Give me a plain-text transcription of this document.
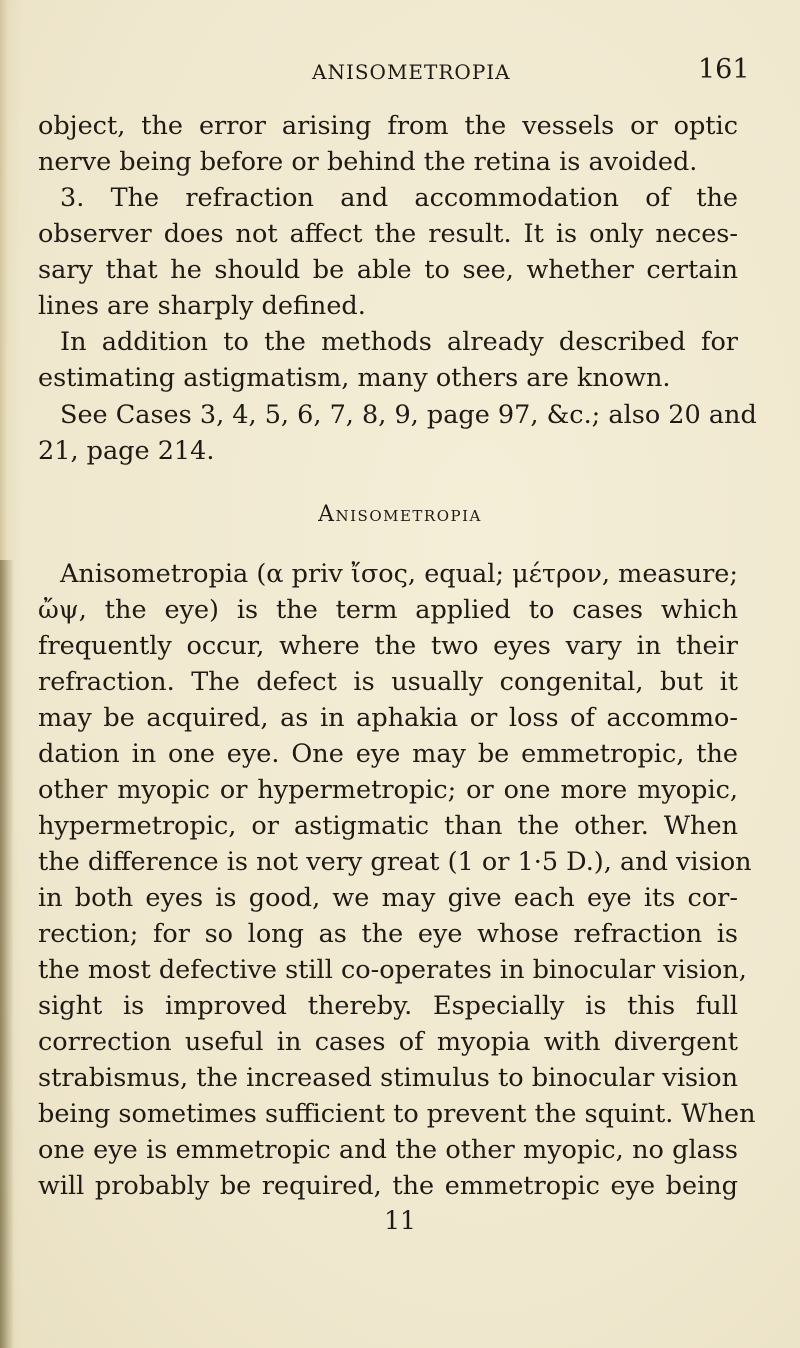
ANISOMETROPIA	161
object, the error arising from the vessels or optic
nerve being before or behind the retina is avoided.
3. The refraction and accommodation of the
observer does not affect the result. It is only neces-
sary that he should be able to see, whether certain
lines are sharply defined.
In addition to the methods already described for
estimating astigmatism, many others are known.
See Cases 3, 4, 5, 6, 7, 8, 9, page 97, &c.; also 20 and
21, page 214.
Anisometropia
Anisometropia (α priv ἴσος, equal; μέτρον, measure;
ὤψ, the eye) is the term applied to cases which
frequently occur, where the two eyes vary in their
refraction. The defect is usually congenital, but it
may be acquired, as in aphakia or loss of accommo-
dation in one eye. One eye may be emmetropic, the
other myopic or hypermetropic; or one more myopic,
hypermetropic, or astigmatic than the other. When
the difference is not very great (1 or 1·5 D.), and vision
in both eyes is good, we may give each eye its cor-
rection; for so long as the eye whose refraction is
the most defective still co-operates in binocular vision,
sight is improved thereby. Especially is this full
correction useful in cases of myopia with divergent
strabismus, the increased stimulus to binocular vision
being sometimes sufficient to prevent the squint. When
one eye is emmetropic and the other myopic, no glass
will probably be required, the emmetropic eye being
11
